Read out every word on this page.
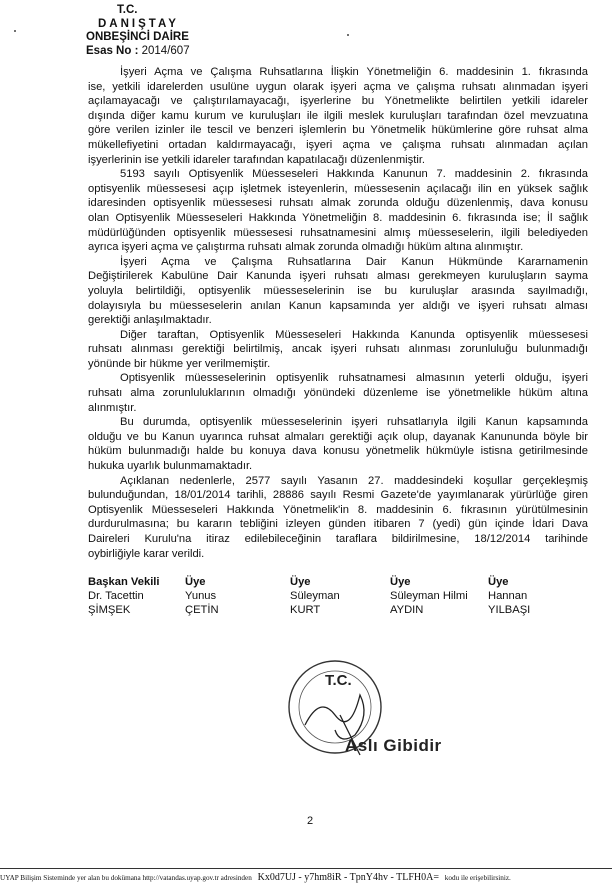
T.C.
DANIŞTAY
ONBEŞİNCİ DAİRE
Esas No : 2014/607
İşyeri Açma ve Çalışma Ruhsatlarına İlişkin Yönetmeliğin 6. maddesinin 1. fıkrasında
ise, yetkili idarelerden usulüne uygun olarak işyeri açma ve çalışma ruhsatı alınmadan işyeri
açılamayacağı ve çalıştırılamayacağı, işyerlerine bu Yönetmelikte belirtilen yetkili idareler
dışında diğer kamu kurum ve kuruluşları ile ilgili meslek kuruluşları tarafından özel mevzuatına
göre verilen izinler ile tescil ve benzeri işlemlerin bu Yönetmelik hükümlerine göre ruhsat alma
mükellefiyetini ortadan kaldırmayacağı, işyeri açma ve çalışma ruhsatı alınmadan açılan
işyerlerinin ise yetkili idareler tarafından kapatılacağı düzenlenmiştir.
5193 sayılı Optisyenlik Müesseseleri Hakkında Kanunun 7. maddesinin 2. fıkrasında
optisyenlik müessesesi açıp işletmek isteyenlerin, müessesenin açılacağı ilin en yüksek sağlık
idaresinden optisyenlik müessesesi ruhsatı almak zorunda olduğu düzenlenmiş, dava konusu
olan Optisyenlik Müesseseleri Hakkında Yönetmeliğin 8. maddesinin 6. fıkrasında ise; İl sağlık
müdürlüğünden optisyenlik müessesesi ruhsatnamesini almış müesseselerin, ilgili belediyeden
ayrıca işyeri açma ve çalıştırma ruhsatı almak zorunda olmadığı hüküm altına alınmıştır.
İşyeri Açma ve Çalışma Ruhsatlarına Dair Kanun Hükmünde Kararnamenin
Değiştirilerek Kabulüne Dair Kanunda işyeri ruhsatı alması gerekmeyen kuruluşların sayma
yoluyla belirtildiği, optisyenlik müesseselerinin ise bu kuruluşlar arasında sayılmadığı,
dolayısıyla bu müesseselerin anılan Kanun kapsamında yer aldığı ve işyeri ruhsatı alması
gerektiği anlaşılmaktadır.
Diğer taraftan, Optisyenlik Müesseseleri Hakkında Kanunda optisyenlik müessesesi
ruhsatı alınması gerektiği belirtilmiş, ancak işyeri ruhsatı alınması zorunluluğu bulunmadığı
yönünde bir hükme yer verilmemiştir.
Optisyenlik müesseselerinin optisyenlik ruhsatnamesi almasının yeterli olduğu, işyeri
ruhsatı alma zorunluluklarının olmadığı yönündeki düzenleme ise yönetmelikle hüküm altına
alınmıştır.
Bu durumda, optisyenlik müesseselerinin işyeri ruhsatlarıyla ilgili Kanun kapsamında
olduğu ve bu Kanun uyarınca ruhsat almaları gerektiği açık olup, dayanak Kanununda böyle bir
hüküm bulunmadığı halde bu konuya dava konusu yönetmelik hükmüyle istisna getirilmesinde
hukuka uyarlık bulunmamaktadır.
Açıklanan nedenlerle, 2577 sayılı Yasanın 27. maddesindeki koşullar gerçekleşmiş
bulunduğundan, 18/01/2014 tarihli, 28886 sayılı Resmi Gazete'de yayımlanarak yürürlüğe giren
Optisyenlik Müesseseleri Hakkında Yönetmelik'in 8. maddesinin 6. fıkrasının yürütülmesinin
durdurulmasına; bu kararın tebliğini izleyen günden itibaren 7 (yedi) gün içinde İdari Dava
Daireleri Kurulu'na itiraz edilebileceğinin taraflara bildirilmesine, 18/12/2014 tarihinde
oybirliğiyle karar verildi.
Başkan Vekili
Dr. Tacettin
ŞİMŞEK
Üye
Yunus
ÇETİN
Üye
Süleyman
KURT
Üye
Süleyman Hilmi
AYDIN
Üye
Hannan
YILBAŞI
T.C.
Aslı Gibidir
2
UYAP Bilişim Sisteminde yer alan bu dokümana http://vatandas.uyap.gov.tr adresinden Kx0d7UJ - y7hm8iR - TpnY4hv - TLFH0A= kodu ile erişebilirsiniz.
